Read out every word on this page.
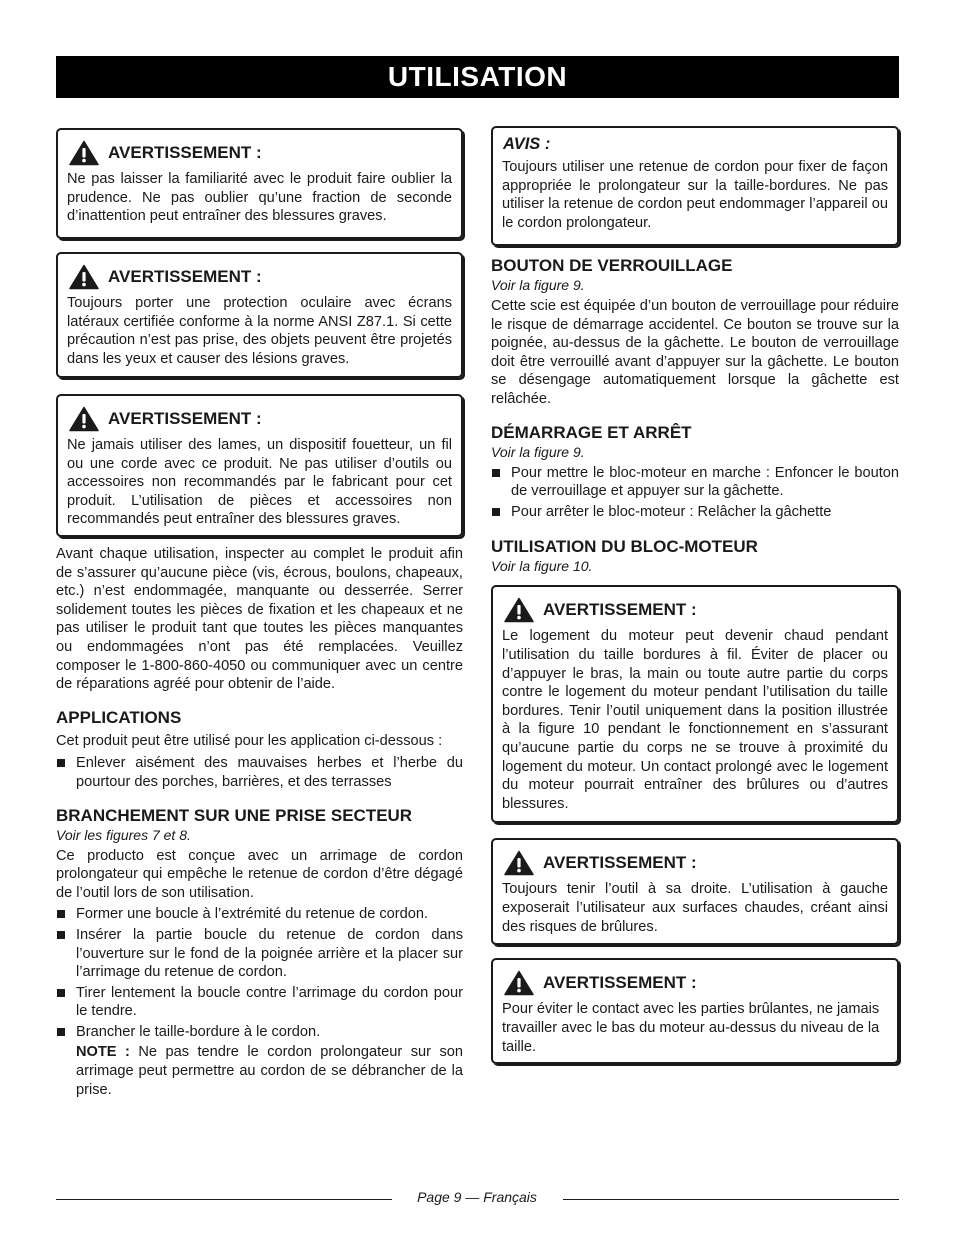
UTILISATION
AVERTISSEMENT :

Ne pas laisser la familiarité avec le produit faire oublier la prudence. Ne pas oublier qu’une fraction de seconde d’inattention peut entraîner des blessures graves.

AVERTISSEMENT :

Toujours porter une protection oculaire avec écrans latéraux certifiée conforme à la norme ANSI Z87.1. Si cette précaution n’est pas prise, des objets peuvent être projetés dans les yeux et causer des lésions graves.

AVERTISSEMENT :

Ne jamais utiliser des lames, un dispositif fouetteur, un fil ou une corde avec ce produit. Ne pas utiliser d’outils ou accessoires non recommandés par le fabricant pour cet produit. L’utilisation de pièces et accessoires non recommandés peut entraîner des blessures graves.

Avant chaque utilisation, inspecter au complet le produit afin de s’assurer qu’aucune pièce (vis, écrous, boulons, chapeaux, etc.) n’est endommagée, manquante ou desserrée. Serrer solidement toutes les pièces de fixation et les chapeaux et ne pas utiliser le produit tant que toutes les pièces manquantes ou endommagées n’ont pas été remplacées. Veuillez composer le 1-800-860-4050 ou communiquer avec un centre de réparations agréé pour obtenir de l’aide.

APPLICATIONS

Cet produit peut être utilisé pour les application ci-dessous :

Enlever aisément des mauvaises herbes et l’herbe du pourtour des porches, barrières, et des terrasses
BRANCHEMENT SUR UNE PRISE SECTEUR

Voir les figures 7 et 8.

Ce producto est conçue avec un arrimage de cordon prolongateur qui empêche le retenue de cordon d’être dégagé de l’outil lors de son utilisation.

Former une boucle à l’extrémité du retenue de cordon.
Insérer la partie boucle du retenue de cordon dans l’ouverture sur le fond de la poignée arrière et la placer sur l’arrimage du retenue de cordon.
Tirer lentement la boucle contre l’arrimage du cordon pour le tendre.
Brancher le taille-bordure à le cordon.
NOTE : Ne pas tendre le cordon prolongateur sur son arrimage peut permettre au cordon de se débrancher de la prise.
AVIS :

Toujours utiliser une retenue de cordon pour fixer de façon appropriée le prolongateur sur la taille-bordures. Ne pas utiliser la retenue de cordon peut endommager l’appareil ou le cordon prolongateur.

BOUTON DE VERROUILLAGE

Voir la figure 9.

Cette scie est équipée d’un bouton de verrouillage pour réduire le risque de démarrage accidentel. Ce bouton se trouve sur la poignée, au-dessus de la gâchette. Le bouton de verrouillage doit être verrouillé avant d’appuyer sur la gâchette. Le bouton se désengage automatiquement lorsque la gâchette est relâchée.

DÉMARRAGE ET ARRÊT

Voir la figure 9.

Pour mettre le bloc-moteur en marche : Enfoncer le bouton de verrouillage et appuyer sur la gâchette.
Pour arrêter le bloc-moteur : Relâcher la gâchette
UTILISATION DU BLOC-MOTEUR

Voir la figure 10.

AVERTISSEMENT :

Le logement du moteur peut devenir chaud pendant l’utilisation du taille bordures à fil. Éviter de placer ou d’appuyer le bras, la main ou toute autre partie du corps contre le logement du moteur pendant l’utilisation du taille bordures. Tenir l’outil uniquement dans la position illustrée à la figure 10 pendant le fonctionnement en s’assurant qu’aucune partie du corps ne se trouve à proximité du logement du moteur. Un contact prolongé avec le logement du moteur pourrait entraîner des brûlures ou d’autres blessures.

AVERTISSEMENT :

Toujours tenir l’outil à sa droite. L’utilisation à gauche exposerait l’utilisateur aux surfaces chaudes, créant ainsi des risques de brûlures.

AVERTISSEMENT :

Pour éviter le contact avec les parties brûlantes, ne jamais travailler avec le bas du moteur au-dessus du niveau de la taille.

Page 9 — Français
